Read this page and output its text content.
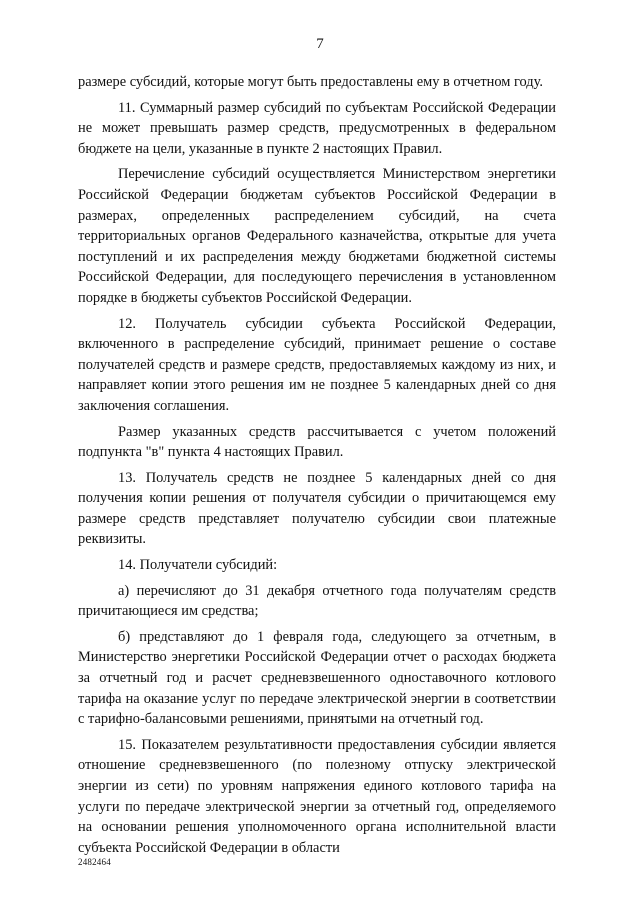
7

размере субсидий, которые могут быть предоставлены ему в отчетном году.

11. Суммарный размер субсидий по субъектам Российской Федерации не может превышать размер средств, предусмотренных в федеральном бюджете на цели, указанные в пункте 2 настоящих Правил.

Перечисление субсидий осуществляется Министерством энергетики Российской Федерации бюджетам субъектов Российской Федерации в размерах, определенных распределением субсидий, на счета территориальных органов Федерального казначейства, открытые для учета поступлений и их распределения между бюджетами бюджетной системы Российской Федерации, для последующего перечисления в установленном порядке в бюджеты субъектов Российской Федерации.

12. Получатель субсидии субъекта Российской Федерации, включенного в распределение субсидий, принимает решение о составе получателей средств и размере средств, предоставляемых каждому из них, и направляет копии этого решения им не позднее 5 календарных дней со дня заключения соглашения.

Размер указанных средств рассчитывается с учетом положений подпункта "в" пункта 4 настоящих Правил.

13. Получатель средств не позднее 5 календарных дней со дня получения копии решения от получателя субсидии о причитающемся ему размере средств представляет получателю субсидии свои платежные реквизиты.

14. Получатели субсидий:

а) перечисляют до 31 декабря отчетного года получателям средств причитающиеся им средства;

б) представляют до 1 февраля года, следующего за отчетным, в Министерство энергетики Российской Федерации отчет о расходах бюджета за отчетный год и расчет средневзвешенного одноставочного котлового тарифа на оказание услуг по передаче электрической энергии в соответствии с тарифно-балансовыми решениями, принятыми на отчетный год.

15. Показателем результативности предоставления субсидии является отношение средневзвешенного (по полезному отпуску электрической энергии из сети) по уровням напряжения единого котлового тарифа на услуги по передаче электрической энергии за отчетный год, определяемого на основании решения уполномоченного органа исполнительной власти субъекта Российской Федерации в области

2482464
